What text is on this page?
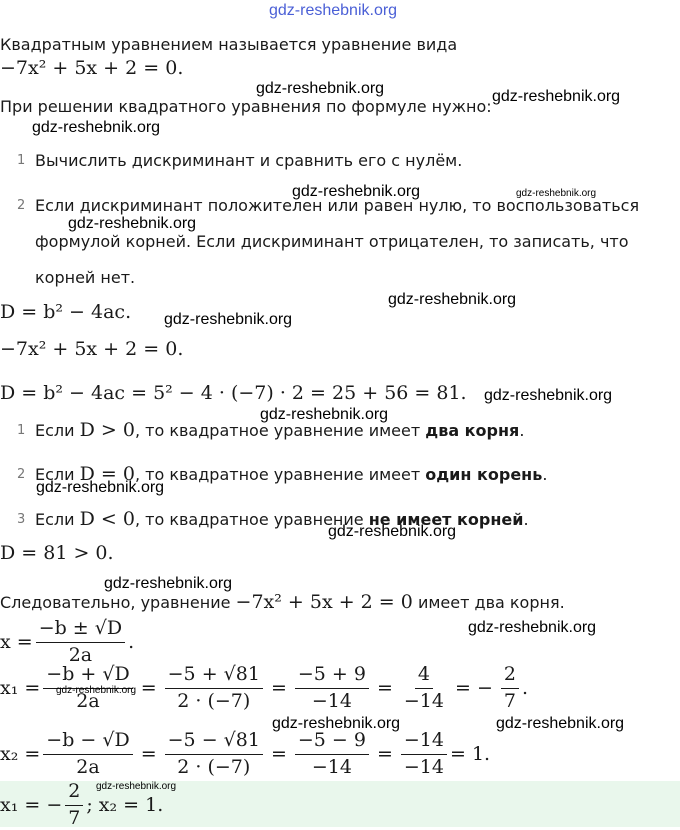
gdz-reshebnik.org
Квадратным уравнением называется уравнение вида
−7x² + 5x + 2 = 0.
При решении квадратного уравнения по формуле нужно:
1 Вычислить дискриминант и сравнить его с нулём.
2 Если дискриминант положителен или равен нулю, то воспользоваться
формулой корней. Если дискриминант отрицателен, то записать, что
корней нет.
D = b² − 4ac.
−7x² + 5x + 2 = 0.
D = b² − 4ac = 5² − 4 · (−7) · 2 = 25 + 56 = 81.
1 Если D > 0, то квадратное уравнение имеет два корня.
2 Если D = 0, то квадратное уравнение имеет один корень.
3 Если D < 0, то квадратное уравнение не имеет корней.
D = 81 > 0.
Следовательно, уравнение −7x² + 5x + 2 = 0 имеет два корня.
$x = \frac{-b \pm √D}{2a}$ .
$x_1 = \frac{-b + √D}{2a} = \frac{-5 + √81}{2 \cdot (-7)} = \frac{-5 + 9}{-14} = \frac{4}{-14}$ = − $\frac{2}{7}$ .
$x_2 = \frac{-b - √D}{2a} = \frac{-5 - √81}{2 \cdot (-7)} = \frac{-5 - 9}{-14} = \frac{-14}{-14} = 1$.
x₁ = − $\frac{2}{7}$ ; x₂ = 1.
gdz-reshebnik.org	gdz-reshebnik.org
gdz-reshebnik.org
gdz-reshebnik.org	gdz-reshebnik.org
gdz-reshebnik.org
gdz-reshebnik.org
gdz-reshebnik.org
gdz-reshebnik.org
gdz-reshebnik.org
gdz-reshebnik.org
gdz-reshebnik.org
gdz-reshebnik.org
gdz-reshebnik.org
gdz-reshebnik.org
gdz-reshebnik.org	gdz-reshebnik.org
gdz-reshebnik.org
